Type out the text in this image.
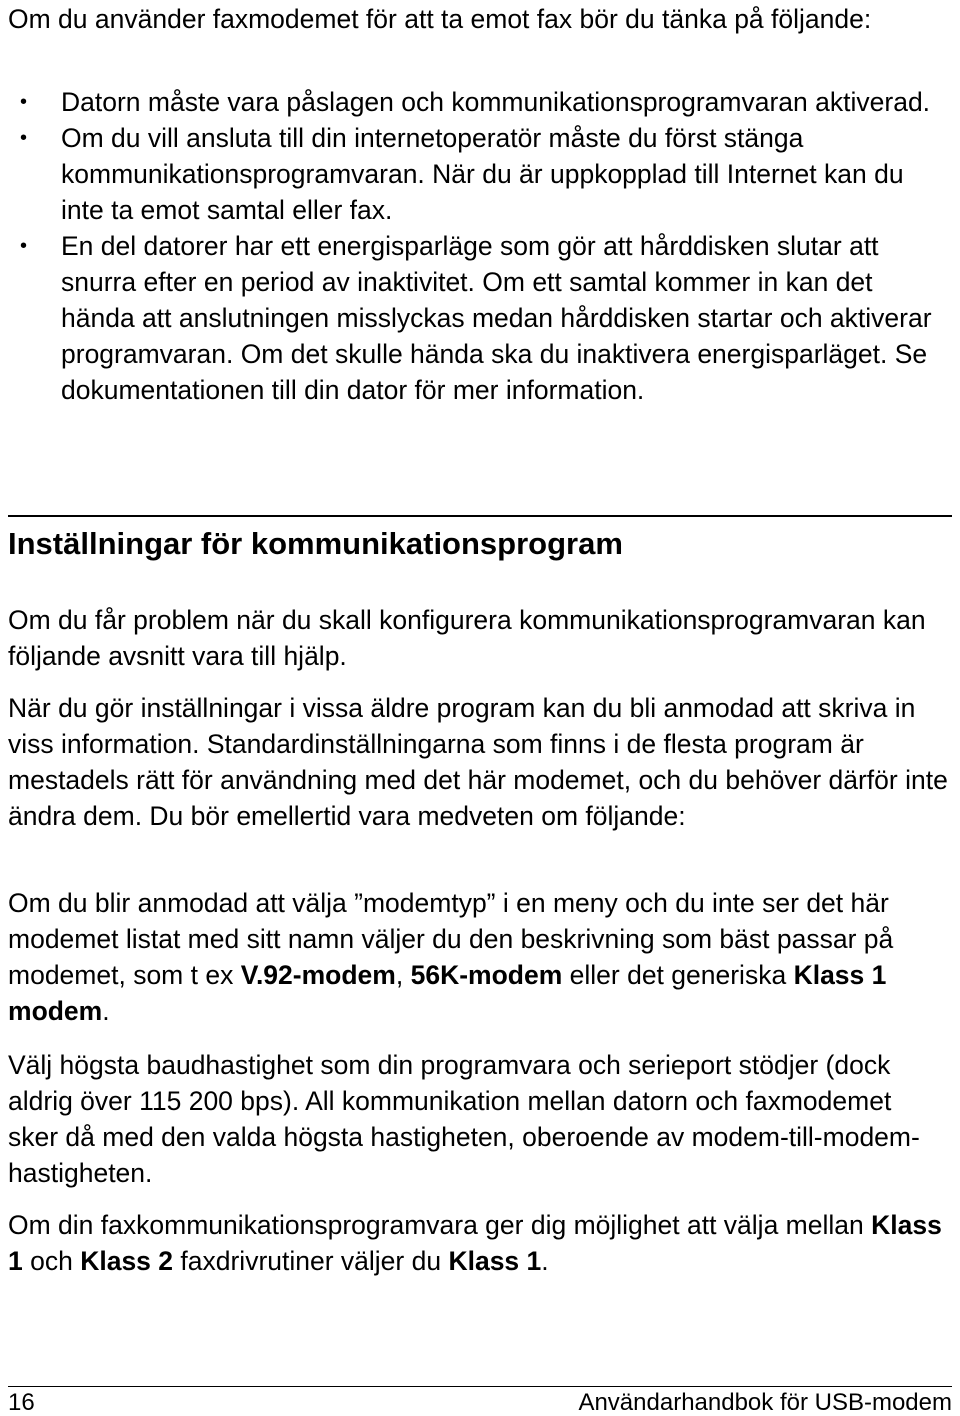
Om du använder faxmodemet för att ta emot fax bör du tänka på följande:

• Datorn måste vara påslagen och kommunikationsprogramvaran aktiverad.
• Om du vill ansluta till din internetoperatör måste du först stänga kommunikationsprogramvaran. När du är uppkopplad till Internet kan du inte ta emot samtal eller fax.
• En del datorer har ett energisparläge som gör att hårddisken slutar att snurra efter en period av inaktivitet. Om ett samtal kommer in kan det hända att anslutningen misslyckas medan hårddisken startar och aktiverar programvaran. Om det skulle hända ska du inaktivera energisparläget. Se dokumentationen till din dator för mer information.
Inställningar för kommunikationsprogram

Om du får problem när du skall konfigurera kommunikationsprogramvaran kan följande avsnitt vara till hjälp.

När du gör inställningar i vissa äldre program kan du bli anmodad att skriva in viss information. Standardinställningarna som finns i de flesta program är mestadels rätt för användning med det här modemet, och du behöver därför inte ändra dem. Du bör emellertid vara medveten om följande:

Om du blir anmodad att välja ”modemtyp” i en meny och du inte ser det här modemet listat med sitt namn väljer du den beskrivning som bäst passar på modemet, som t ex V.92-modem, 56K-modem eller det generiska Klass 1 modem.

Välj högsta baudhastighet som din programvara och serieport stödjer (dock aldrig över 115 200 bps). All kommunikation mellan datorn och faxmodemet sker då med den valda högsta hastigheten, oberoende av modem-till-modem-hastigheten.

Om din faxkommunikationsprogramvara ger dig möjlighet att välja mellan Klass 1 och Klass 2 faxdrivrutiner väljer du Klass 1.

16	Användarhandbok för USB-modem
